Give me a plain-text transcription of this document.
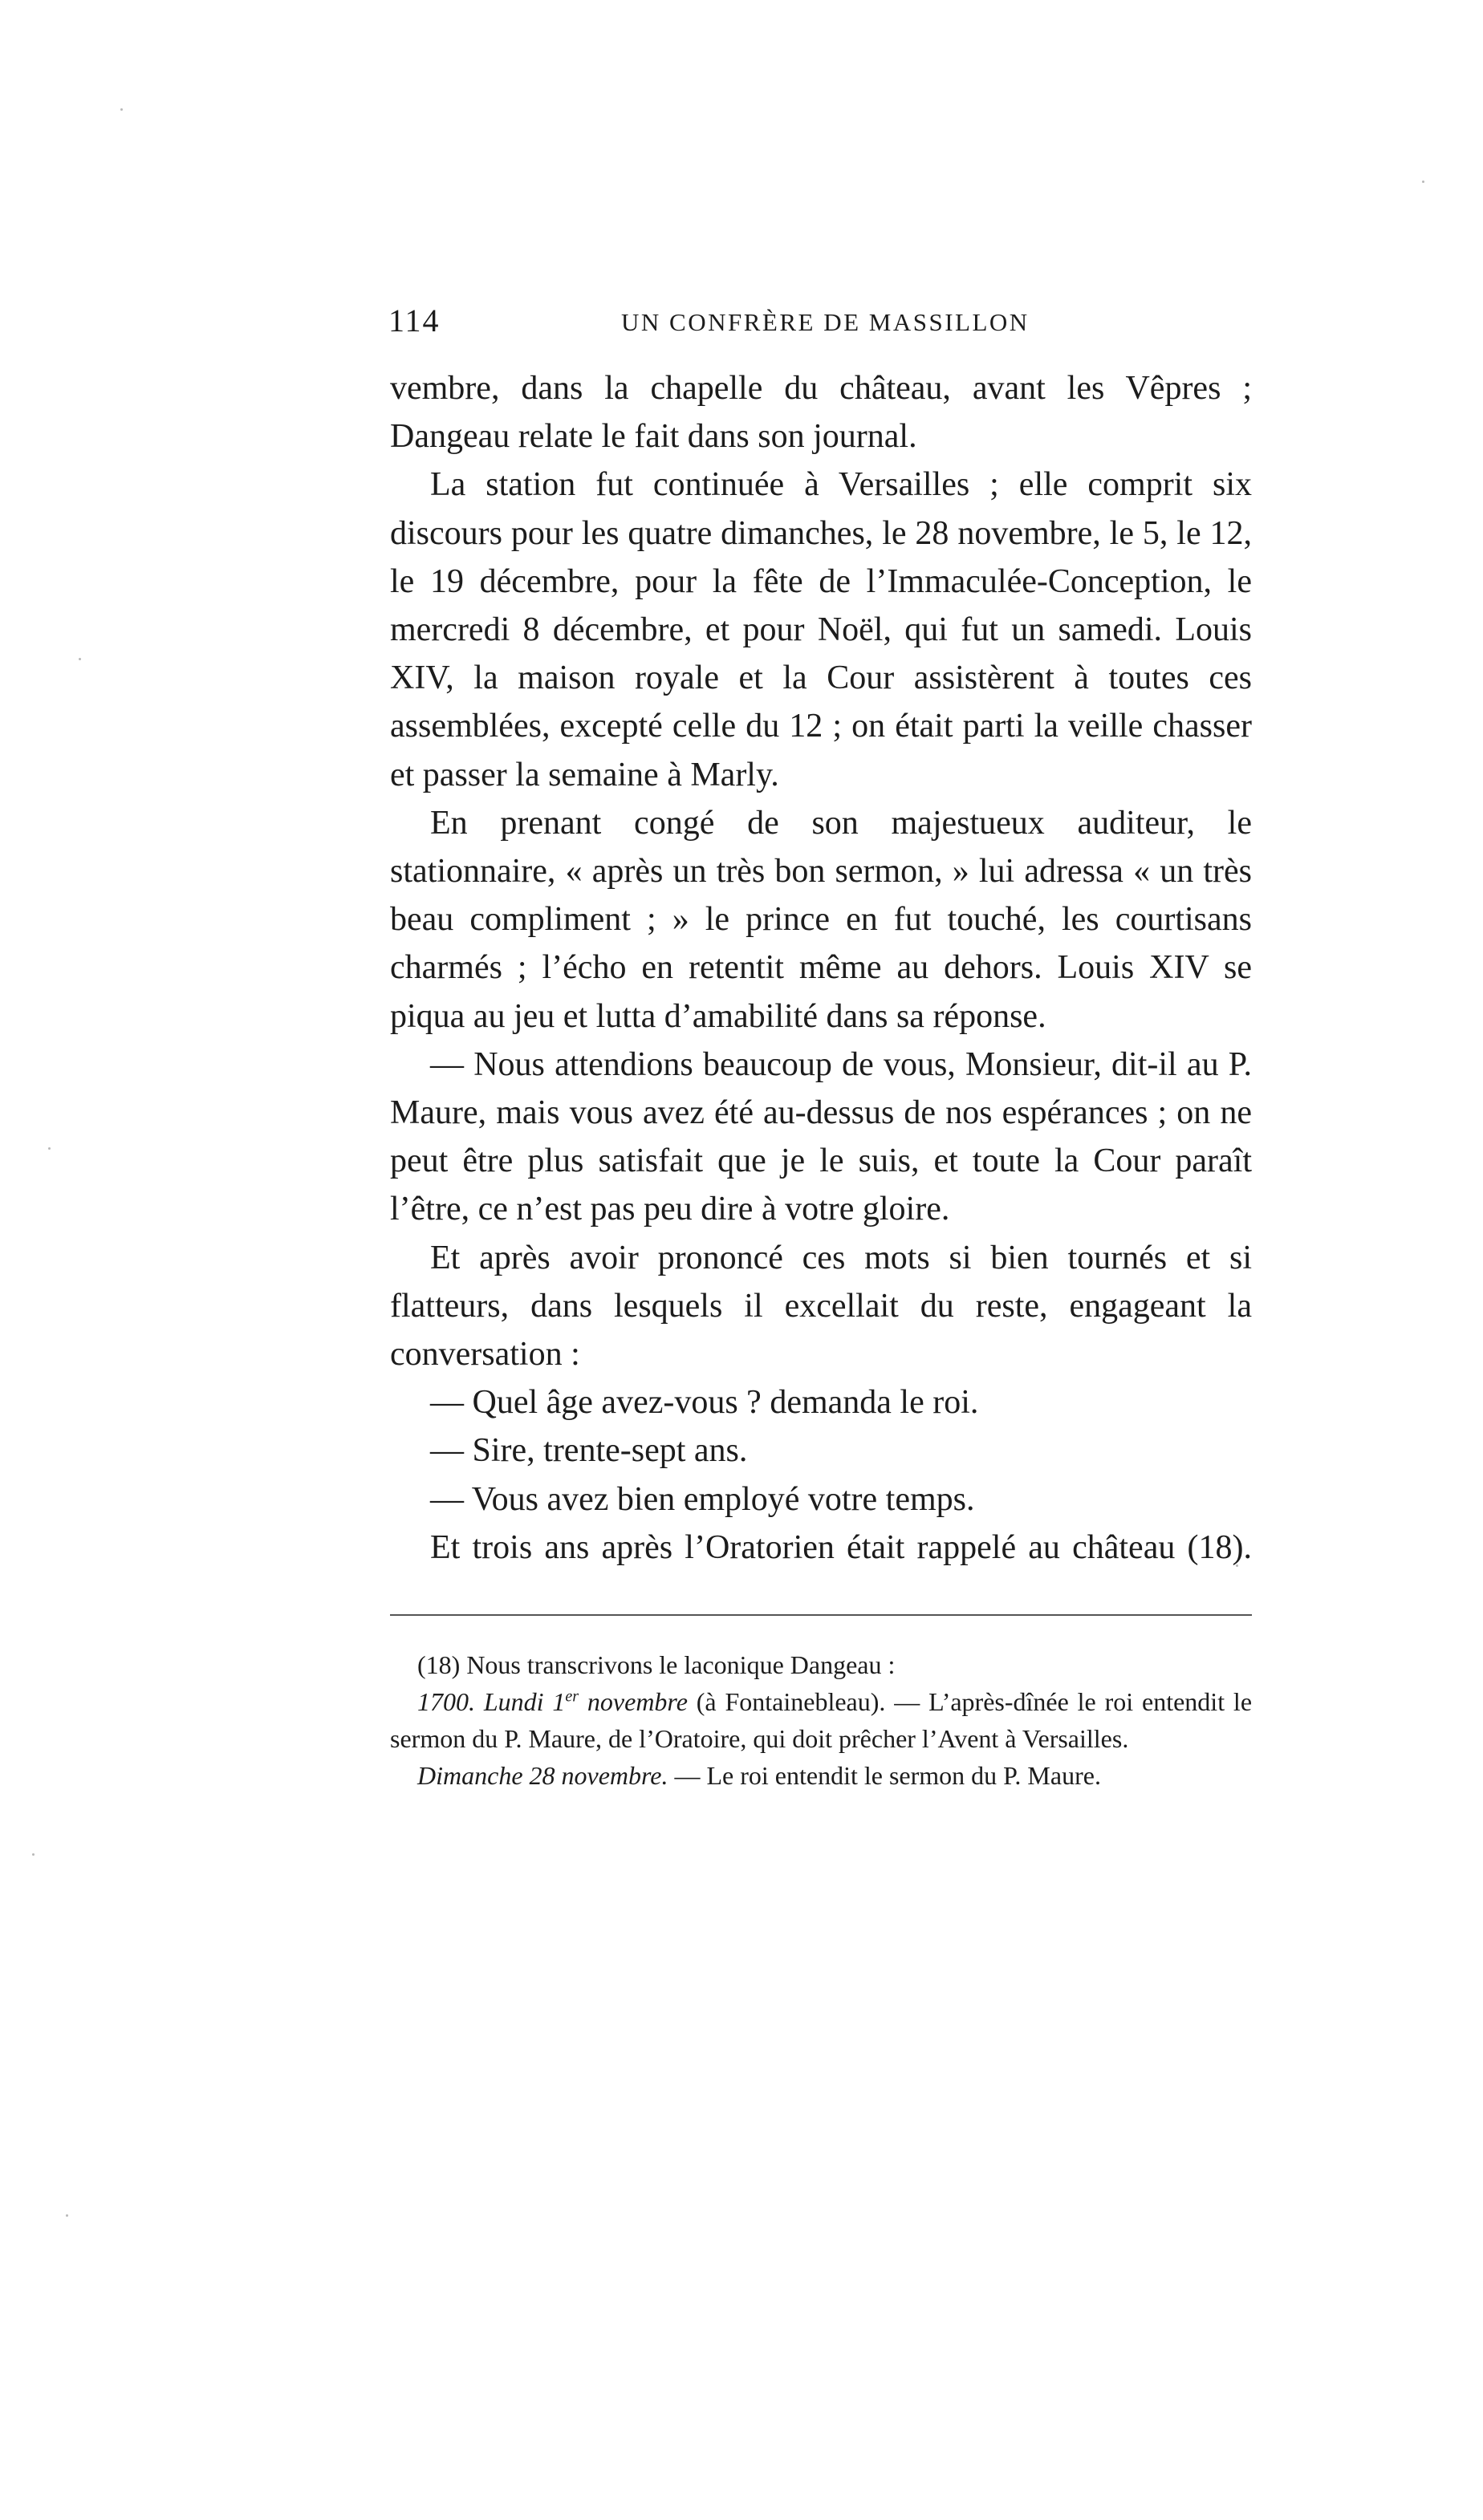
114	UN CONFRÈRE DE MASSILLON

vembre, dans la chapelle du château, avant les Vêpres ; Dangeau relate le fait dans son journal.

La station fut continuée à Versailles ; elle comprit six discours pour les quatre dimanches, le 28 novembre, le 5, le 12, le 19 décembre, pour la fête de l’Immaculée-Conception, le mercredi 8 décembre, et pour Noël, qui fut un samedi. Louis XIV, la maison royale et la Cour assistèrent à toutes ces assemblées, excepté celle du 12 ; on était parti la veille chasser et passer la semaine à Marly.

En prenant congé de son majestueux auditeur, le stationnaire, « après un très bon sermon, » lui adressa « un très beau compliment ; » le prince en fut touché, les courtisans charmés ; l’écho en retentit même au dehors. Louis XIV se piqua au jeu et lutta d’amabilité dans sa réponse.

— Nous attendions beaucoup de vous, Monsieur, dit-il au P. Maure, mais vous avez été au-dessus de nos espérances ; on ne peut être plus satisfait que je le suis, et toute la Cour paraît l’être, ce n’est pas peu dire à votre gloire.

Et après avoir prononcé ces mots si bien tournés et si flatteurs, dans lesquels il excellait du reste, engageant la conversation :

— Quel âge avez-vous ? demanda le roi.

— Sire, trente-sept ans.

— Vous avez bien employé votre temps.

Et trois ans après l’Oratorien était rappelé au château (18).

(18) Nous transcrivons le laconique Dangeau :

1700. Lundi 1er novembre (à Fontainebleau). — L’après-dînée le roi entendit le sermon du P. Maure, de l’Oratoire, qui doit prêcher l’Avent à Versailles.

Dimanche 28 novembre. — Le roi entendit le sermon du P. Maure.
